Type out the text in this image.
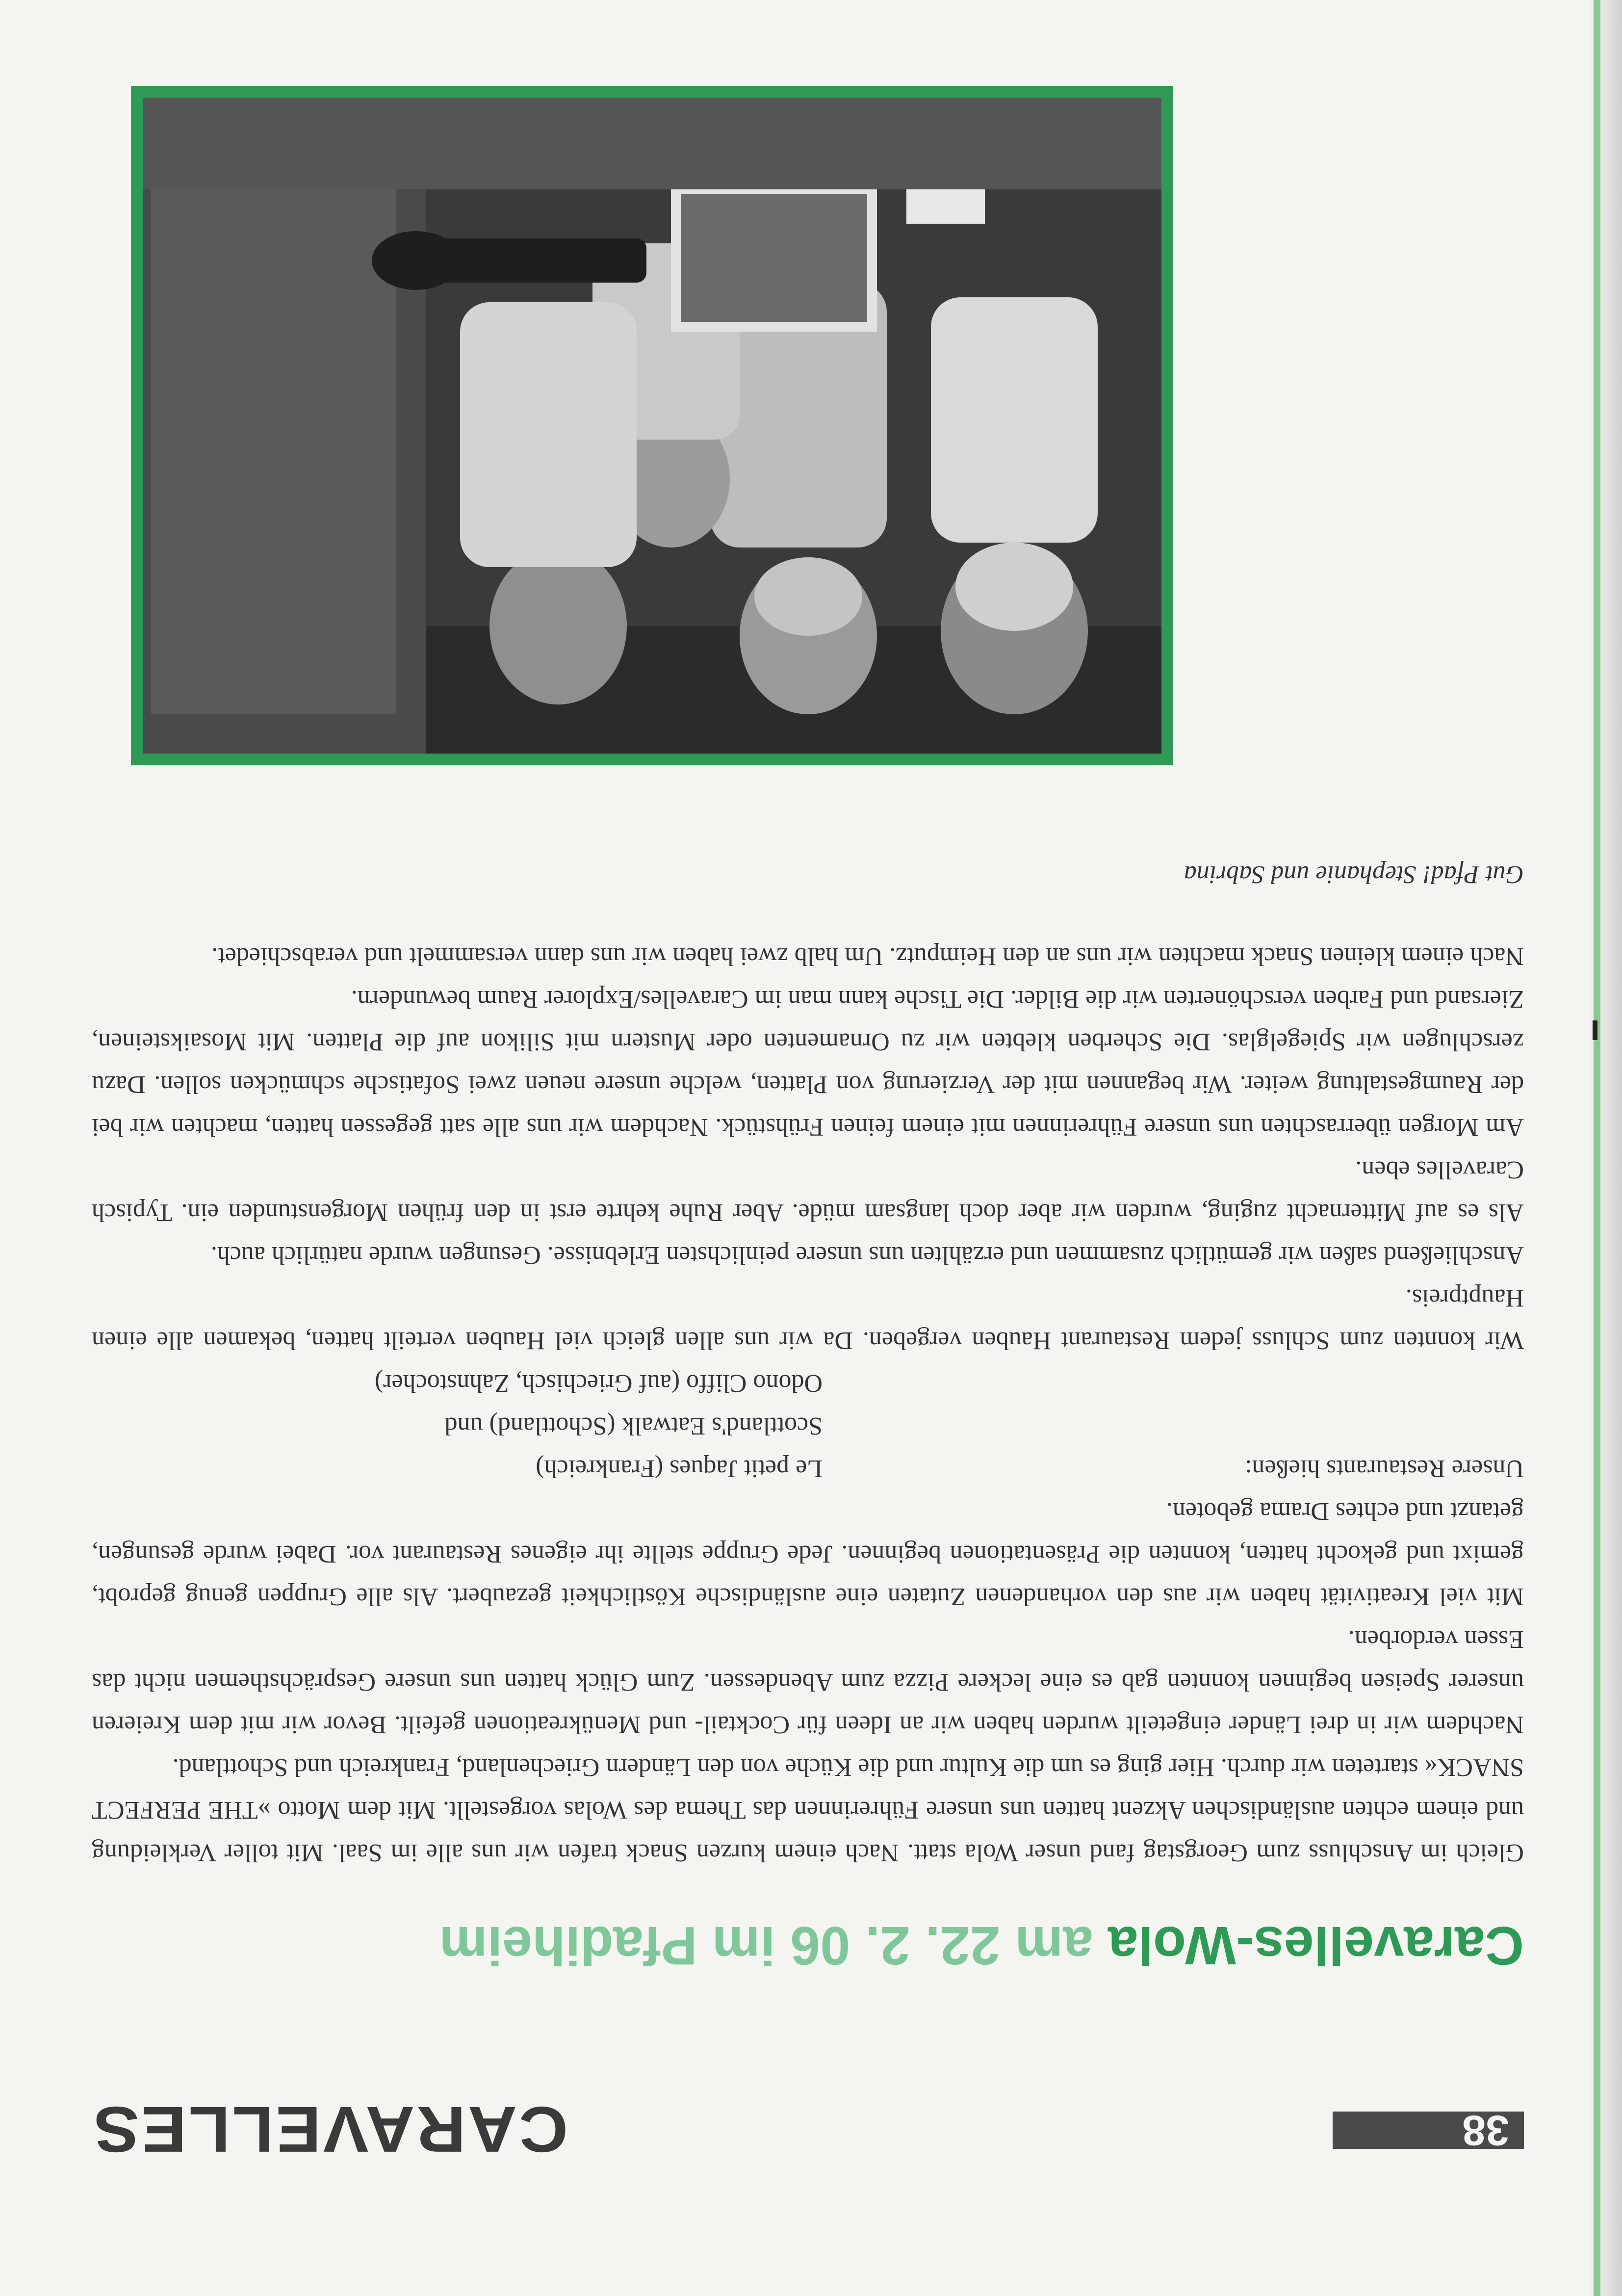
38
CARAVELLES
Caravelles-Wola am 22. 2. 06 im Pfadiheim

Gleich im Anschluss zum Georgstag fand unser Wola statt. Nach einem kurzen Snack trafen wir uns alle im Saal. Mit toller Verkleidung und einem echten ausländischen Akzent hatten uns unsere Führerinnen das Thema des Wolas vorgestellt. Mit dem Motto »THE PERFECT SNACK« starteten wir durch. Hier ging es um die Kultur und die Küche von den Ländern Griechenland, Frankreich und Schottland.

Nachdem wir in drei Länder eingeteilt wurden haben wir an Ideen für Cocktail- und Menükreationen gefeilt. Bevor wir mit dem Kreieren unserer Speisen beginnen konnten gab es eine leckere Pizza zum Abendessen. Zum Glück hatten uns unsere Gesprächsthemen nicht das Essen verdorben.

Mit viel Kreativität haben wir aus den vorhandenen Zutaten eine ausländische Köstlichkeit gezaubert. Als alle Gruppen genug geprobt, gemixt und gekocht hatten, konnten die Präsentationen beginnen. Jede Gruppe stellte ihr eigenes Restaurant vor. Dabei wurde gesungen, getanzt und echtes Drama geboten.

Unsere Restaurants hießen:
Le petit Jaques (Frankreich)
Scottland's Eatwalk (Schottland) und
Odono Cliffo (auf Griechisch, Zahnstocher)

Wir konnten zum Schluss jedem Restaurant Hauben vergeben. Da wir uns allen gleich viel Hauben verteilt hatten, bekamen alle einen Hauptpreis.

Anschließend saßen wir gemütlich zusammen und erzählten uns unsere peinlichsten Erlebnisse. Gesungen wurde natürlich auch.

Als es auf Mitternacht zuging, wurden wir aber doch langsam müde. Aber Ruhe kehrte erst in den frühen Morgenstunden ein. Typisch Caravelles eben.

Am Morgen überraschten uns unsere Führerinnen mit einem feinen Frühstück. Nachdem wir uns alle satt gegessen hatten, machten wir bei der Raumgestaltung weiter. Wir begannen mit der Verzierung von Platten, welche unsere neuen zwei Sofatische schmücken sollen. Dazu zerschlugen wir Spiegelglas. Die Scherben klebten wir zu Ornamenten oder Mustern mit Silikon auf die Platten. Mit Mosaiksteinen, Ziersand und Farben verschönerten wir die Bilder. Die Tische kann man im Caravelles/Explorer Raum bewundern.

Nach einem kleinen Snack machten wir uns an den Heimputz. Um halb zwei haben wir uns dann versammelt und verabschiedet.

Gut Pfad! Stephanie und Sabrina
